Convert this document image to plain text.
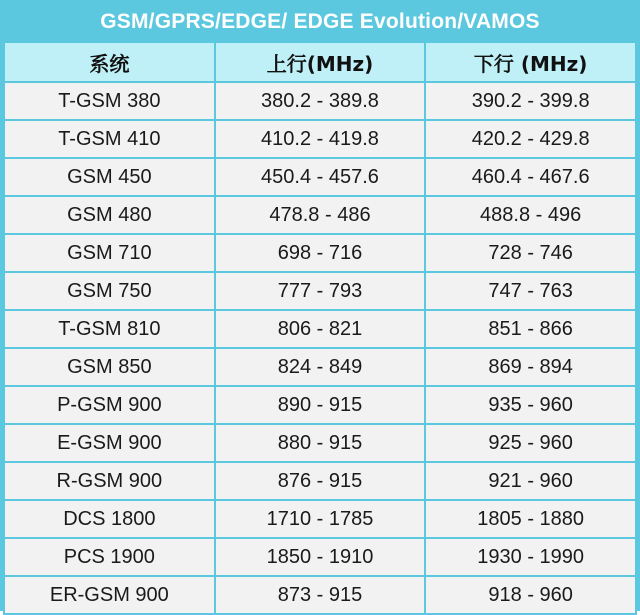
GSM/GPRS/EDGE/ EDGE Evolution/VAMOS		
系统	上行(MHz)	下行 (MHz)
T-GSM 380	380.2 - 389.8	390.2 - 399.8
T-GSM 410	410.2 - 419.8	420.2 - 429.8
GSM 450	450.4 - 457.6	460.4 - 467.6
GSM 480	478.8 - 486	488.8 - 496
GSM 710	698 - 716	728 - 746
GSM 750	777 - 793	747 - 763
T-GSM 810	806 - 821	851 - 866
GSM 850	824 - 849	869 - 894
P-GSM 900	890 - 915	935 - 960
E-GSM 900	880 - 915	925 - 960
R-GSM 900	876 - 915	921 - 960
DCS 1800	1710 - 1785	1805 - 1880
PCS 1900	1850 - 1910	1930 - 1990
ER-GSM 900	873 - 915	918 - 960
